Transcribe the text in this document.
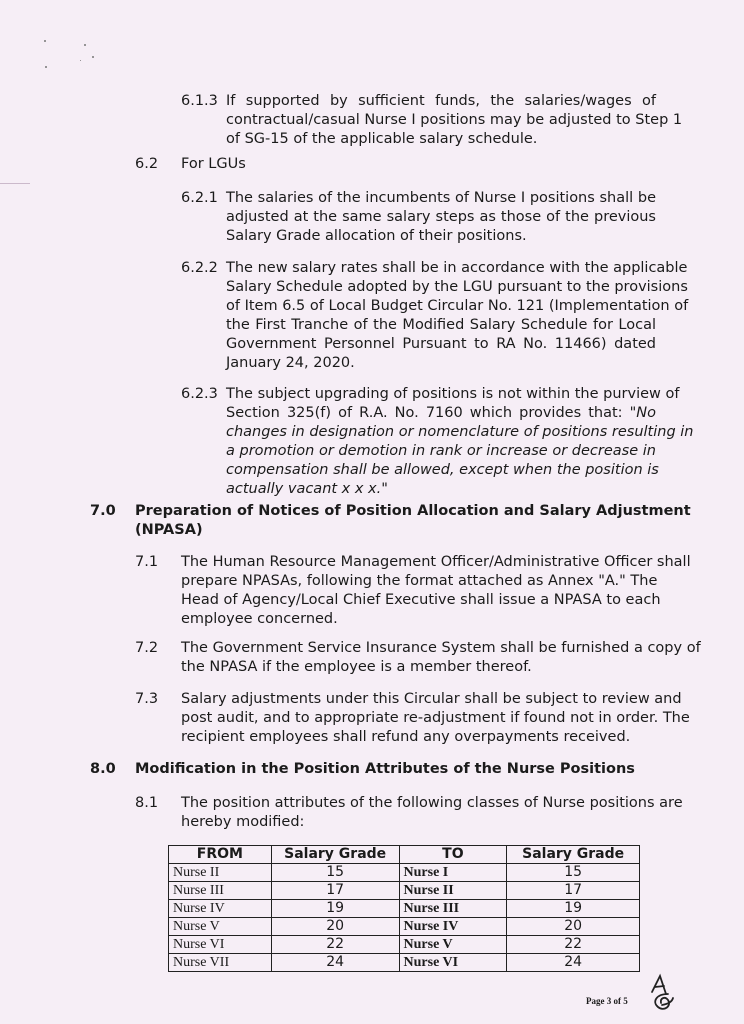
6.1.3 If supported by sufficient funds, the salaries/wages of
contractual/casual Nurse I positions may be adjusted to Step 1
of SG-15 of the applicable salary schedule.
6.2 For LGUs
6.2.1 The salaries of the incumbents of Nurse I positions shall be
adjusted at the same salary steps as those of the previous
Salary Grade allocation of their positions.
6.2.2 The new salary rates shall be in accordance with the applicable
Salary Schedule adopted by the LGU pursuant to the provisions
of Item 6.5 of Local Budget Circular No. 121 (Implementation of
the First Tranche of the Modified Salary Schedule for Local
Government Personnel Pursuant to RA No. 11466) dated
January 24, 2020.
6.2.3 The subject upgrading of positions is not within the purview of
Section 325(f) of R.A. No. 7160 which provides that: "No
changes in designation or nomenclature of positions resulting in
a promotion or demotion in rank or increase or decrease in
compensation shall be allowed, except when the position is
actually vacant x x x."
7.0 Preparation of Notices of Position Allocation and Salary Adjustment
(NPASA)
7.1 The Human Resource Management Officer/Administrative Officer shall
prepare NPASAs, following the format attached as Annex "A." The
Head of Agency/Local Chief Executive shall issue a NPASA to each
employee concerned.
7.2 The Government Service Insurance System shall be furnished a copy of
the NPASA if the employee is a member thereof.
7.3 Salary adjustments under this Circular shall be subject to review and
post audit, and to appropriate re-adjustment if found not in order. The
recipient employees shall refund any overpayments received.
8.0 Modification in the Position Attributes of the Nurse Positions
8.1 The position attributes of the following classes of Nurse positions are
hereby modified:
FROM	Salary Grade	TO	Salary Grade
Nurse II	15	Nurse I	15
Nurse III	17	Nurse II	17
Nurse IV	19	Nurse III	19
Nurse V	20	Nurse IV	20
Nurse VI	22	Nurse V	22
Nurse VII	24	Nurse VI	24
Page 3 of 5
